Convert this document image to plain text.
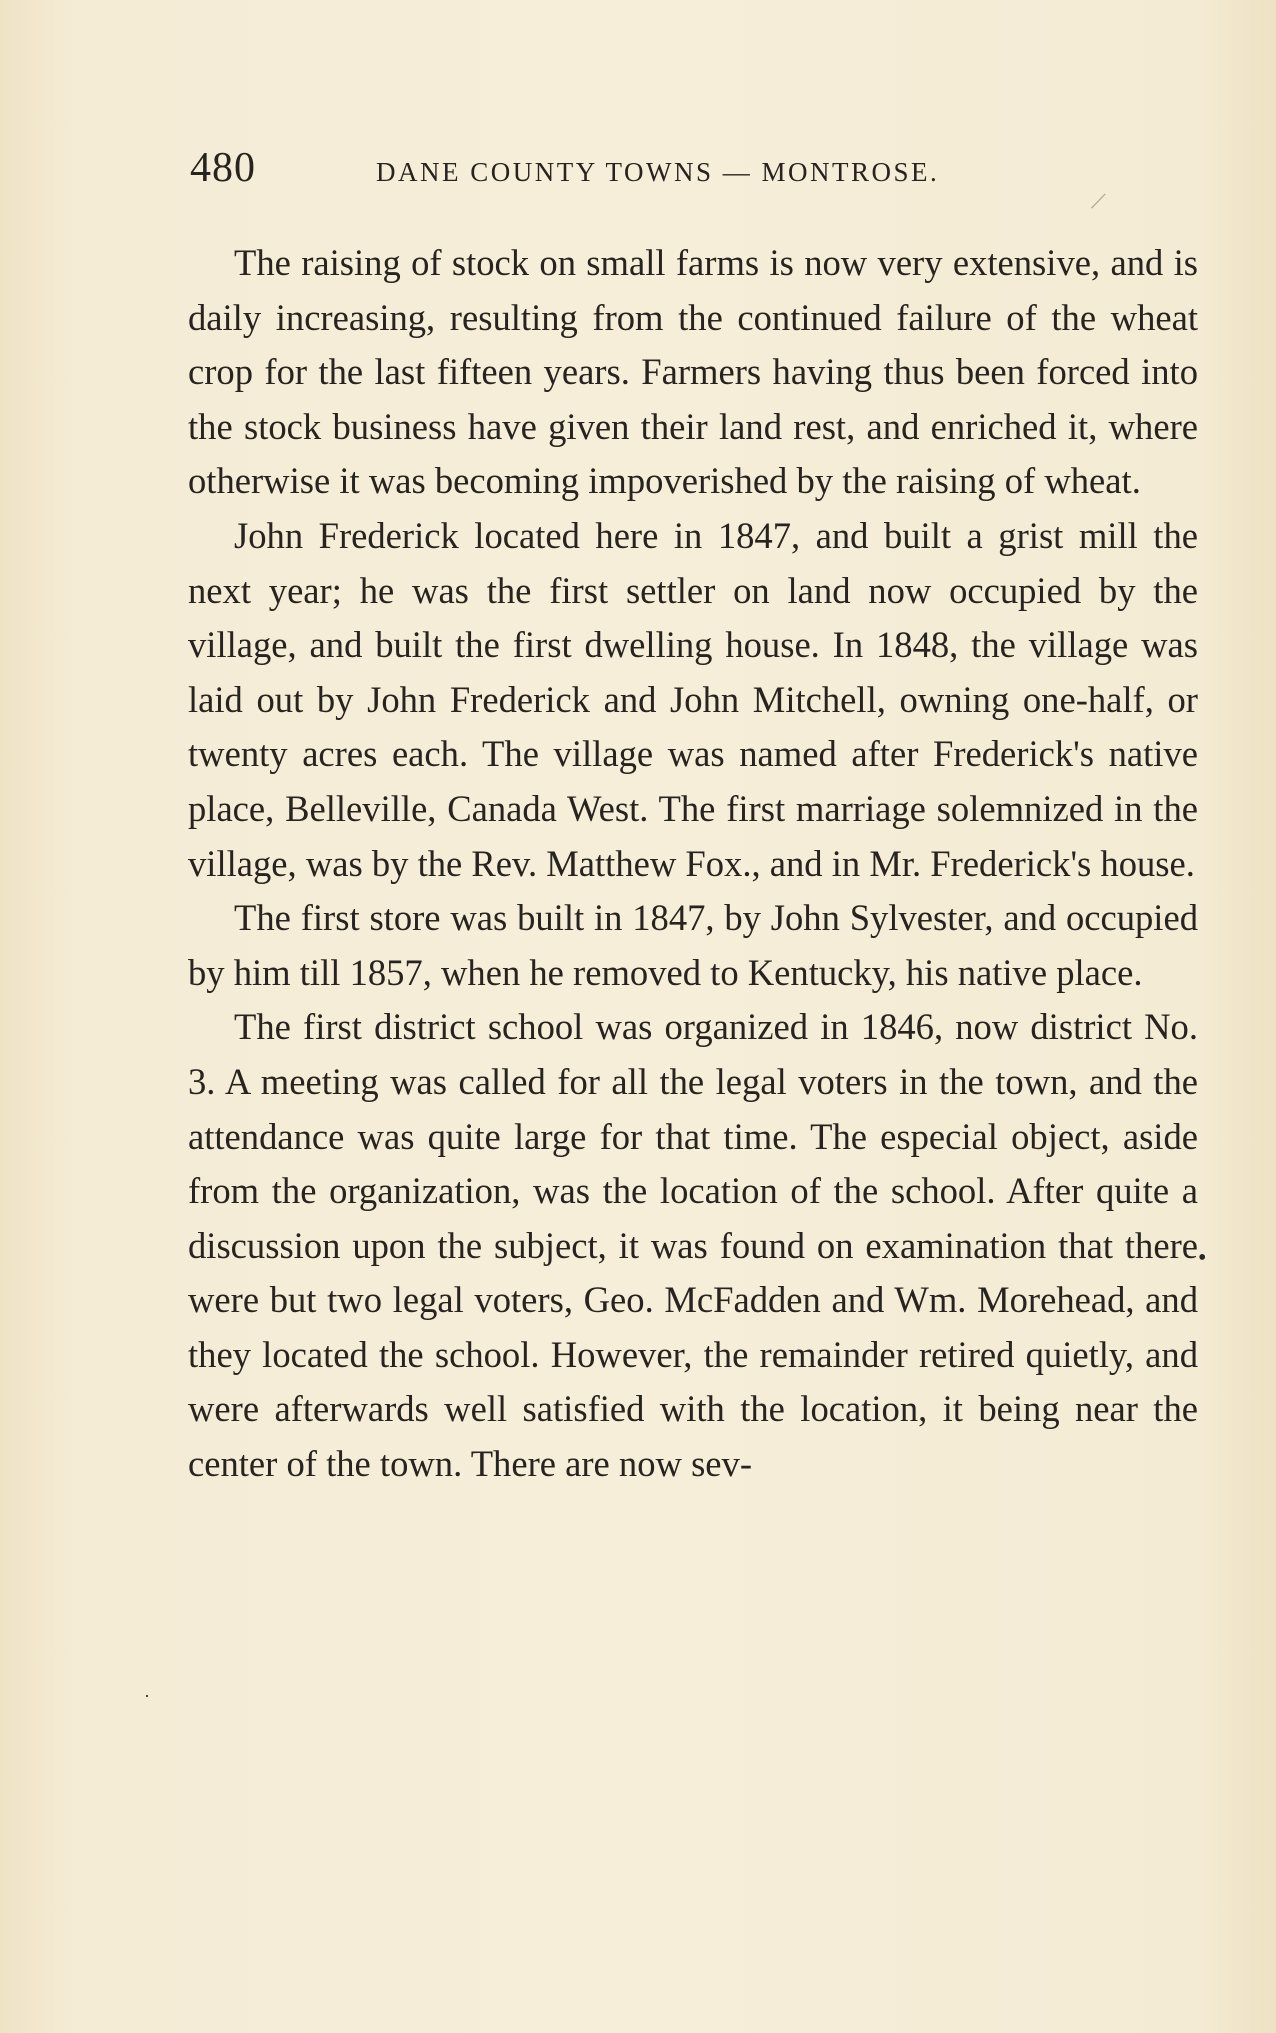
480	DANE COUNTY TOWNS — MONTROSE.

The raising of stock on small farms is now very extensive, and is daily increasing, resulting from the continued failure of the wheat crop for the last fifteen years. Farmers having thus been forced into the stock business have given their land rest, and enriched it, where otherwise it was becoming impoverished by the raising of wheat.

John Frederick located here in 1847, and built a grist mill the next year; he was the first settler on land now occupied by the village, and built the first dwelling house. In 1848, the village was laid out by John Frederick and John Mitchell, owning one-half, or twenty acres each. The village was named after Frederick's native place, Belleville, Canada West. The first marriage solemnized in the village, was by the Rev. Matthew Fox., and in Mr. Frederick's house.

The first store was built in 1847, by John Sylvester, and occupied by him till 1857, when he removed to Kentucky, his native place.

The first district school was organized in 1846, now district No. 3. A meeting was called for all the legal voters in the town, and the attendance was quite large for that time. The especial object, aside from the organization, was the location of the school. After quite a discussion upon the subject, it was found on examination that there were but two legal voters, Geo. McFadden and Wm. Morehead, and they located the school. However, the remainder retired quietly, and were afterwards well satisfied with the location, it being near the center of the town. There are now sev-

/
•
·
